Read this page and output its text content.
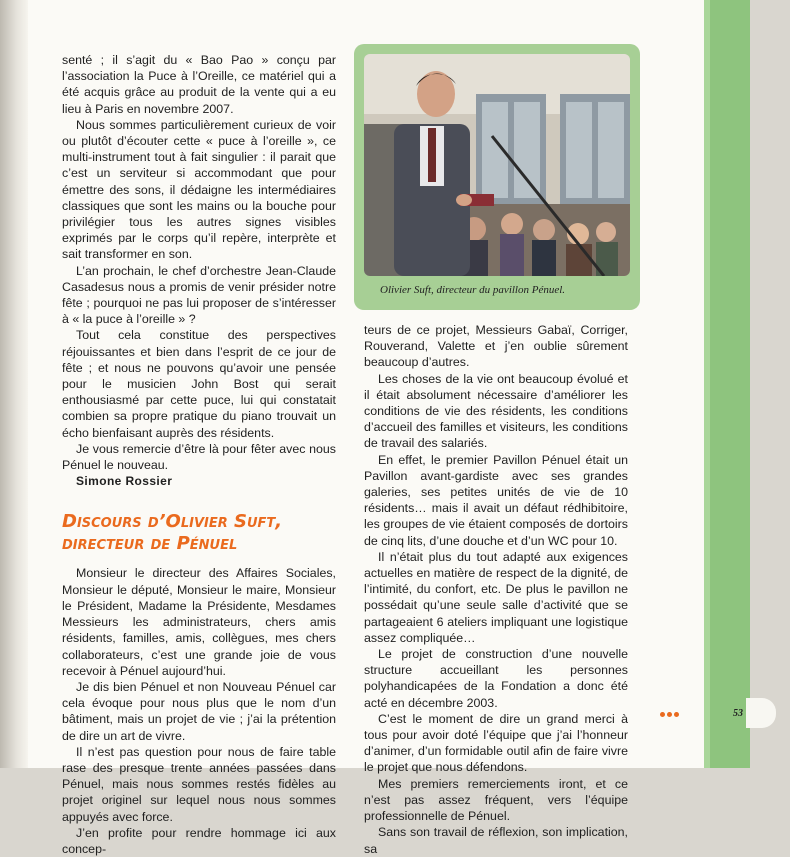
senté ; il s’agit du « Bao Pao » conçu par l’association la Puce à l’Oreille, ce matériel qui a été acquis grâce au produit de la vente qui a eu lieu à Paris en novembre 2007.

Nous sommes particulièrement curieux de voir ou plutôt d’écouter cette « puce à l’oreille », ce multi-instrument tout à fait singulier : il parait que c’est un serviteur si accommodant que pour émettre des sons, il dédaigne les intermédiaires classiques que sont les mains ou la bouche pour privilégier tous les autres signes visibles exprimés par le corps qu’il repère, interprète et sait transformer en son.

L’an prochain, le chef d’orchestre Jean-Claude Casadesus nous a promis de venir présider notre fête ; pourquoi ne pas lui proposer de s’intéresser à « la puce à l’oreille » ?

Tout cela constitue des perspectives réjouissantes et bien dans l’esprit de ce jour de fête ; et nous ne pouvons qu’avoir une pensée pour le musicien John Bost qui serait enthousiasmé par cette puce, lui qui constatait combien sa propre pratique du piano trouvait un écho bienfaisant auprès des résidents.

Je vous remercie d’être là pour fêter avec nous Pénuel le nouveau.

Simone Rossier

Discours d’Olivier Suft,
directeur de Pénuel

Monsieur le directeur des Affaires Sociales, Monsieur le député, Monsieur le maire, Monsieur le Président, Madame la Présidente, Mesdames Messieurs les administrateurs, chers amis résidents, familles, amis, collègues, mes chers collaborateurs, c’est une grande joie de vous recevoir à Pénuel aujourd’hui.

Je dis bien Pénuel et non Nouveau Pénuel car cela évoque pour nous plus que le nom d’un bâtiment, mais un projet de vie ; j’ai la prétention de dire un art de vivre.

Il n’est pas question pour nous de faire table rase des presque trente années passées dans Pénuel, mais nous sommes restés fidèles au projet originel sur lequel nous nous sommes appuyés avec force.

J’en profite pour rendre hommage ici aux concep-

Olivier Suft, directeur du pavillon Pénuel.

teurs de ce projet, Messieurs Gabaï, Corriger, Rouverand, Valette et j’en oublie sûrement beaucoup d’autres.

Les choses de la vie ont beaucoup évolué et il était absolument nécessaire d’améliorer les conditions de vie des résidents, les conditions d’accueil des familles et visiteurs, les conditions de travail des salariés.

En effet, le premier Pavillon Pénuel était un Pavillon avant-gardiste avec ses grandes galeries, ses petites unités de vie de 10 résidents… mais il avait un défaut rédhibitoire, les groupes de vie étaient composés de dortoirs de cinq lits, d’une douche et d’un WC pour 10.

Il n’était plus du tout adapté aux exigences actuelles en matière de respect de la dignité, de l’intimité, du confort, etc. De plus le pavillon ne possédait qu’une seule salle d’activité que se partageaient 6 ateliers impliquant une logistique assez compliquée…

Le projet de construction d’une nouvelle structure accueillant les personnes polyhandicapées de la Fondation a donc été acté en décembre 2003.

C’est le moment de dire un grand merci à tous pour avoir doté l’équipe que j’ai l’honneur d’animer, d’un formidable outil afin de faire vivre le projet que nous défendons.

Mes premiers remerciements iront, et ce n’est pas assez fréquent, vers l’équipe professionnelle de Pénuel.

Sans son travail de réflexion, son implication, sa

53
